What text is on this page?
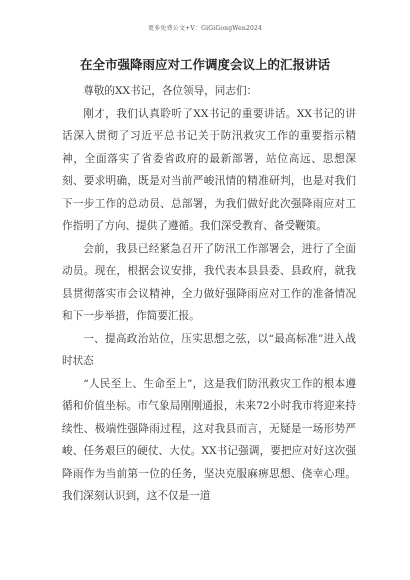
更多免费公文+V：GiGiGongWen2024
在全市强降雨应对工作调度会议上的汇报讲话

尊敬的XX书记，各位领导，同志们：

刚才，我们认真聆听了XX书记的重要讲话。XX书记的讲话深入贯彻了习近平总书记关于防汛救灾工作的重要指示精神，全面落实了省委省政府的最新部署，站位高远、思想深刻、要求明确，既是对当前严峻汛情的精准研判，也是对我们下一步工作的总动员、总部署，为我们做好此次强降雨应对工作指明了方向、提供了遵循。我们深受教育、备受鞭策。

会前，我县已经紧急召开了防汛工作部署会，进行了全面动员。现在，根据会议安排，我代表本县县委、县政府，就我县贯彻落实市会议精神，全力做好强降雨应对工作的准备情况和下一步举措，作简要汇报。

一、提高政治站位，压实思想之弦，以“最高标准”进入战时状态

“人民至上、生命至上”，这是我们防汛救灾工作的根本遵循和价值坐标。市气象局刚刚通报，未来72小时我市将迎来持续性、极端性强降雨过程，这对我县而言，无疑是一场形势严峻、任务艰巨的硬仗、大仗。XX书记强调，要把应对好这次强降雨作为当前第一位的任务，坚决克服麻痹思想、侥幸心理。我们深刻认识到，这不仅是一道
